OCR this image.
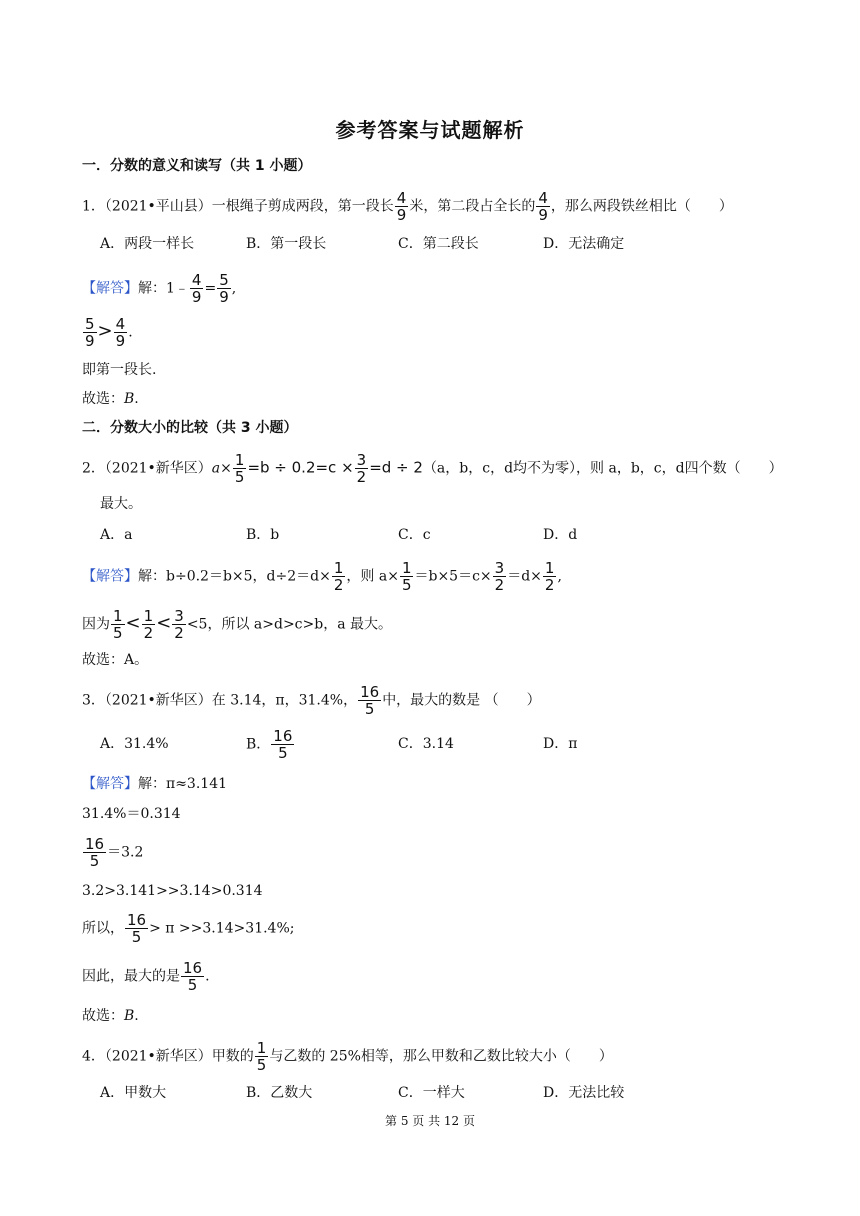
参考答案与试题解析
一．分数的意义和读写（共 1 小题）
1．（2021•平山县）一根绳子剪成两段，第一段长 $\frac{4}{9}$ 米，第二段占全长的 $\frac{4}{9}$ ，那么两段铁丝相比（　　）
A．两段一样长	B．第一段长	C．第二段长	D．无法确定
【解答】解：1﹣ $\frac{4}{9} = \frac{5}{9}$ ,
$\frac{5}{9} > \frac{4}{9}$ .
即第一段长.
故选：B.
二．分数大小的比较（共 3 小题）
2．（2021•新华区）$a\times \frac{1}{5} =b \div 0.2=c \times \frac{3}{2} =d \div 2(a$，b，c，d均不为零），则 a，b，c，d四个数（　　）
最大。
A．a	B．b	C．c	D．d
【解答】解：b÷0.2＝b×5，$d\div 2=d\times \frac{1}{2}$ ，则 $a\times \frac{1}{5} =b\times 5=c\times \frac{3}{2} =d\times \frac{1}{2}$ ,
因为 $\frac{1}{5} < \frac{1}{2} < \frac{3}{2} <5$，所以 a>d>c>b，a 最大。
故选：A。
3．（2021•新华区）在 3.14，π，31.4%， $\frac{16}{5}$ 中，最大的数是 （　　）
A．31.4%	B． $\frac{16}{5}$	C．3.14	D．π
【解答】解：π≈3.141
31.4%＝0.314
$\frac{16}{5} =3.2$
3.2>3.141>>3.14>0.314
所以， $\frac{16}{5} > \pi >>3.14>31.4\%$;
因此，最大的是 $\frac{16}{5}$ .
故选：B.
4．（2021•新华区）甲数的 $\frac{1}{5}$ 与乙数的 25%相等，那么甲数和乙数比较大小（　　）
A．甲数大	B．乙数大	C．一样大	D．无法比较
第 5 页 共 12 页
